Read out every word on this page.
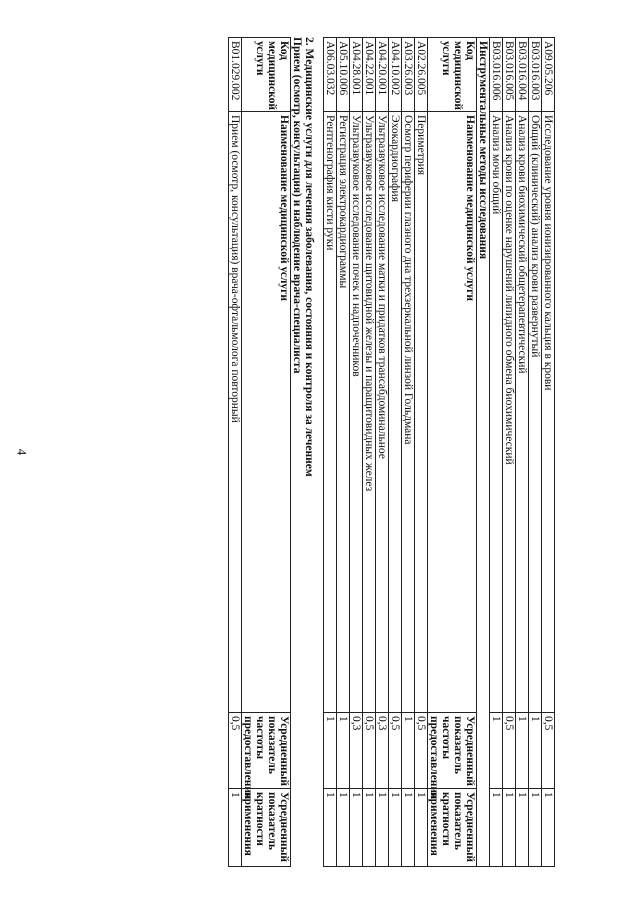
4
A09.05.206	Исследование уровня ионизированного кальция в крови	0,5	1
B03.016.003	Общий (клинический) анализ крови развернутый	1	1
B03.016.004	Анализ крови биохимический общетерапевтический	1	1
B03.016.005	Анализ крови по оценке нарушений липидного обмена биохимический	0,5	1
B03.016.006	Анализ мочи общий	1	1
Инструментальные методы исследования			
Код медицинской услуги	Наименование медицинской услуги	Усредненный показатель частоты предоставления	Усредненный показатель кратности применения
A02.26.005	Периметрия	0,5	1
A03.26.003	Осмотр периферии глазного дна трехзеркальной линзой Гольдмана	1	1
A04.10.002	Эхокардиография	0,5	1
A04.20.001	Ультразвуковое исследование матки и придатков трансабдоминальное	0,3	1
A04.22.001	Ультразвуковое исследование щитовидной железы и паращитовидных желез	0,5	1
A04.28.001	Ультразвуковое исследование почек и надпочечников	0,3	1
A05.10.006	Регистрация электрокардиограммы	1	1
A06.03.032	Рентгенография кисти руки	1	1
2. Медицинские услуги для лечения заболевания, состояния и контроля за лечением
Прием (осмотр, консультация) и наблюдение врача-специалиста
Код медицинской услуги	Наименование медицинской услуги	Усредненный показатель частоты предоставления	Усредненный показатель кратности применения
B01.029.002	Прием (осмотр, консультация) врача-офтальмолога повторный	0,5	1
